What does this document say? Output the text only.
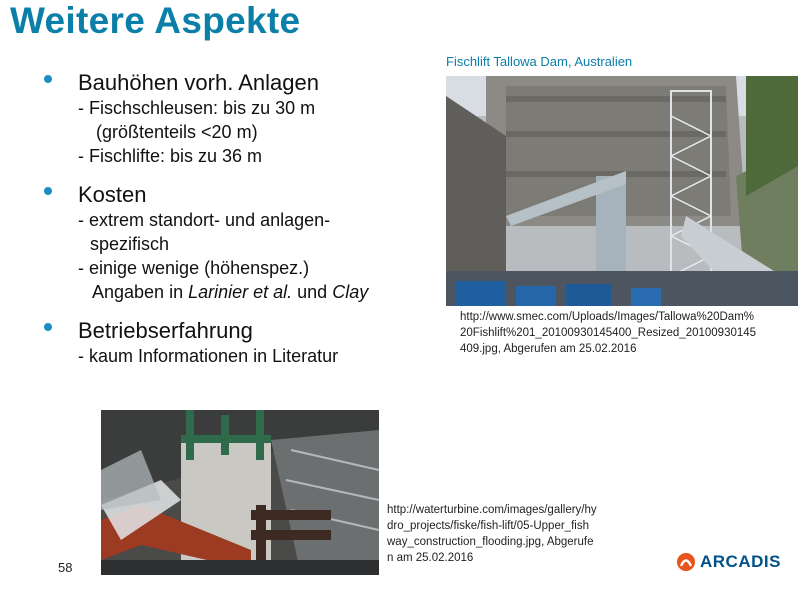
Weitere Aspekte
Bauhöhen vorh. Anlagen
- Fischschleusen: bis zu 30 m
(größtenteils <20 m)
- Fischlifte: bis zu 36 m
Kosten
- extrem standort- und anlagen-
spezifisch
- einige wenige (höhenspez.)
Angaben in Larinier et al. und Clay
Betriebserfahrung
- kaum Informationen in Literatur
Fischlift Tallowa Dam, Australien
http://www.smec.com/Uploads/Images/Tallowa%20Dam%20Fishlift%201_20100930145400_Resized_20100930145409.jpg, Abgerufen am 25.02.2016
http://waterturbine.com/images/gallery/hydro_projects/fiske/fish-lift/05-Upper_fishway_construction_flooding.jpg, Abgerufen am 25.02.2016
58	ARCADIS
